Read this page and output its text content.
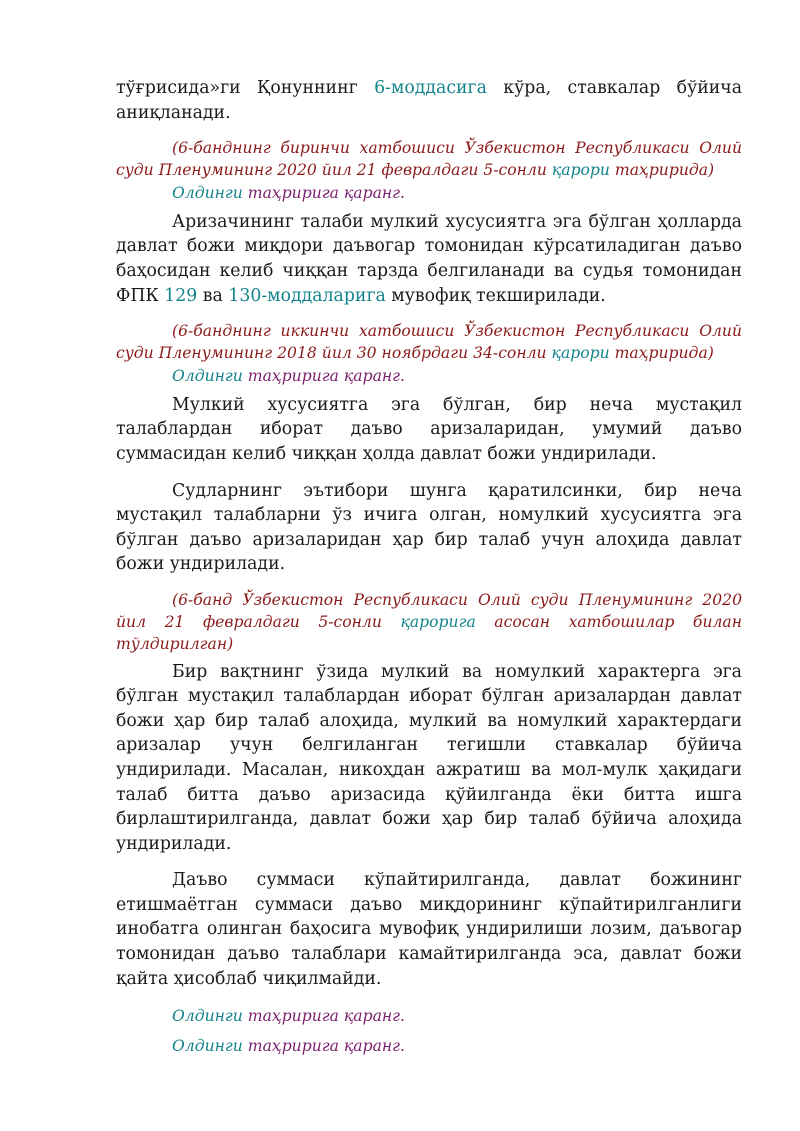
тўғрисида»ги Қонуннинг 6-моддасига кўра, ставкалар бўйича аниқланади.

(6-банднинг биринчи хатбошиси Ўзбекистон Республикаси Олий суди Пленумининг 2020 йил 21 февралдаги 5-сонли қарори таҳририда)
Олдинги таҳририга қаранг.

Аризачининг талаби мулкий хусусиятга эга бўлган ҳолларда давлат божи миқдори даъвогар томонидан кўрсатиладиган даъво баҳосидан келиб чиққан тарзда белгиланади ва судья томонидан ФПК 129 ва 130-моддаларига мувофиқ текширилади.

(6-банднинг иккинчи хатбошиси Ўзбекистон Республикаси Олий суди Пленумининг 2018 йил 30 ноябрдаги 34-сонли қарори таҳририда)
Олдинги таҳририга қаранг.

Мулкий хусусиятга эга бўлган, бир неча мустақил талаблардан иборат даъво аризаларидан, умумий даъво суммасидан келиб чиққан ҳолда давлат божи ундирилади.

Судларнинг эътибори шунга қаратилсинки, бир неча мустақил талабларни ўз ичига олган, номулкий хусусиятга эга бўлган даъво аризаларидан ҳар бир талаб учун алоҳида давлат божи ундирилади.

(6-банд Ўзбекистон Республикаси Олий суди Пленумининг 2020 йил 21 февралдаги 5-сонли қарорига асосан хатбошилар билан тўлдирилган)

Бир вақтнинг ўзида мулкий ва номулкий характерга эга бўлган мустақил талаблардан иборат бўлган аризалардан давлат божи ҳар бир талаб алоҳида, мулкий ва номулкий характердаги аризалар учун белгиланган тегишли ставкалар бўйича ундирилади. Масалан, никоҳдан ажратиш ва мол-мулк ҳақидаги талаб битта даъво аризасида қўйилганда ёки битта ишга бирлаштирилганда, давлат божи ҳар бир талаб бўйича алоҳида ундирилади.

Даъво суммаси кўпайтирилганда, давлат божининг етишмаётган суммаси даъво миқдорининг кўпайтирилганлиги инобатга олинган баҳосига мувофиқ ундирилиши лозим, даъвогар томонидан даъво талаблари камайтирилганда эса, давлат божи қайта ҳисоблаб чиқилмайди.

Олдинги таҳририга қаранг.
Олдинги таҳририга қаранг.
